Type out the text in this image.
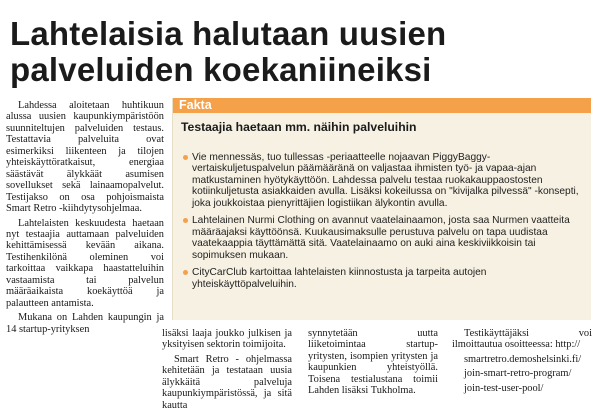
Lahtelaisia halutaan uusien palveluiden koekaniineiksi

Lahdessa aloitetaan huhtikuun alussa uusien kaupunkiympäristöön suunniteltujen palveluiden testaus. Testattavia palveluita ovat esimerkiksi liikenteen ja tilojen yhteiskäyttöratkaisut, energiaa säästävät älykkäät asumisen sovellukset sekä lainaamopalvelut. Testijakso on osa pohjoismaista Smart Retro -kiihdytysohjelmaa.

Lahtelaisten keskuudesta haetaan nyt testaajia auttamaan palveluiden kehittämisessä kevään aikana. Testihenkilönä oleminen voi tarkoittaa vaikkapa haastatteluihin vastaamista tai palvelun määräaikaista koekäyttöä ja palautteen antamista.

Mukana on Lahden kaupungin ja 14 startup-yrityksen

Fakta
Testaajia haetaan mm. näihin palveluihin
Vie mennessäs, tuo tullessas -periaatteelle nojaavan PiggyBaggy-vertaiskuljetuspalvelun päämääränä on valjastaa ihmisten työ- ja vapaa-ajan matkustaminen hyötykäyttöön. Lahdessa palvelu testaa ruokakauppaostosten kotiinkuljetusta asiakkaiden avulla. Lisäksi kokeilussa on "kivijalka pilvessä" -konsepti, joka joukkoistaa pienyrittäjien logistiikan älykontin avulla.
Lahtelainen Nurmi Clothing on avannut vaatelainaamon, josta saa Nurmen vaatteita määräajaksi käyttöönsä. Kuukausimaksulle perustuva palvelu on tapa uudistaa vaatekaappia täyttämättä sitä. Vaatelainaamo on auki aina keskiviikkoisin tai sopimuksen mukaan.
CityCarClub kartoittaa lahtelaisten kiinnostusta ja tarpeita autojen yhteiskäyttöpalveluihin.

lisäksi laaja joukko julkisen ja yksityisen sektorin toimijoita.

Smart Retro - ohjelmassa kehitetään ja testataan uusia älykkäitä palveluja kaupunkiympäristössä, ja sitä kautta

synnytetään uutta liiketoimintaa startup-yritysten, isompien yritysten ja kaupunkien yhteistyöllä. Toisena testialustana toimii Lahden lisäksi Tukholma.

Testikäyttäjäksi voi ilmoittautua osoitteessa: http://

smartretro.demoshelsinki.fi/

join-smart-retro-program/

join-test-user-pool/
